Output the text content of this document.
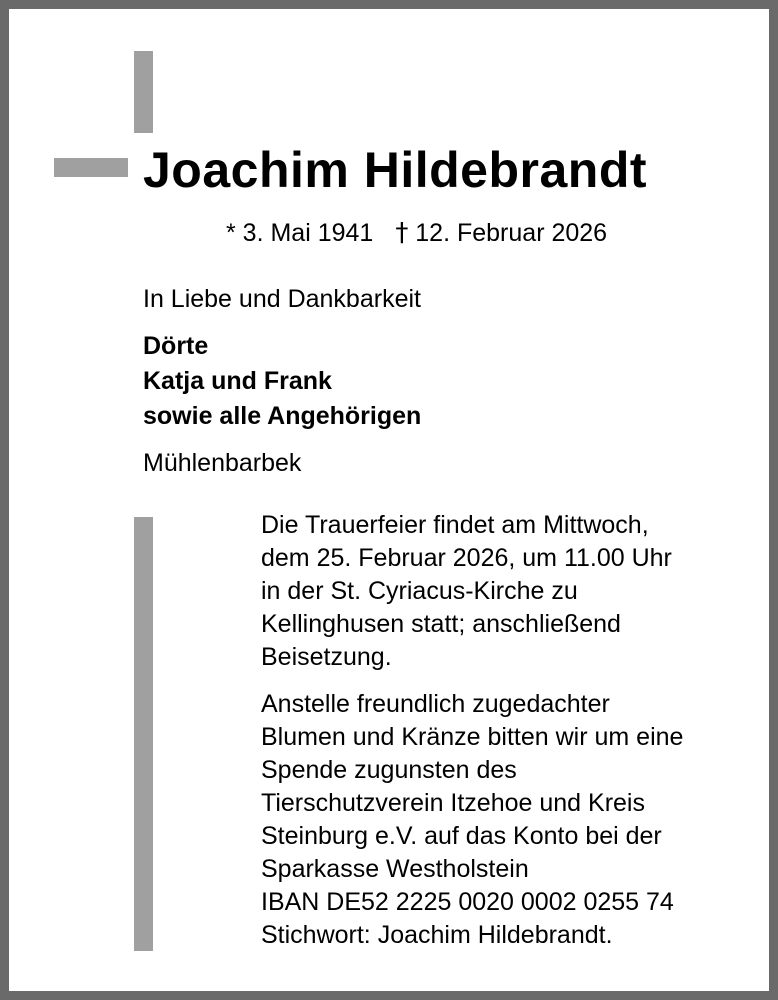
Joachim Hildebrandt
* 3. Mai 1941 † 12. Februar 2026
In Liebe und Dankbarkeit
Dörte
Katja und Frank
sowie alle Angehörigen
Mühlenbarbek
Die Trauerfeier findet am Mittwoch,
dem 25. Februar 2026, um 11.00 Uhr
in der St. Cyriacus-Kirche zu
Kellinghusen statt; anschließend
Beisetzung.
Anstelle freundlich zugedachter
Blumen und Kränze bitten wir um eine
Spende zugunsten des
Tierschutzverein Itzehoe und Kreis
Steinburg e.V. auf das Konto bei der
Sparkasse Westholstein
IBAN DE52 2225 0020 0002 0255 74
Stichwort: Joachim Hildebrandt.
